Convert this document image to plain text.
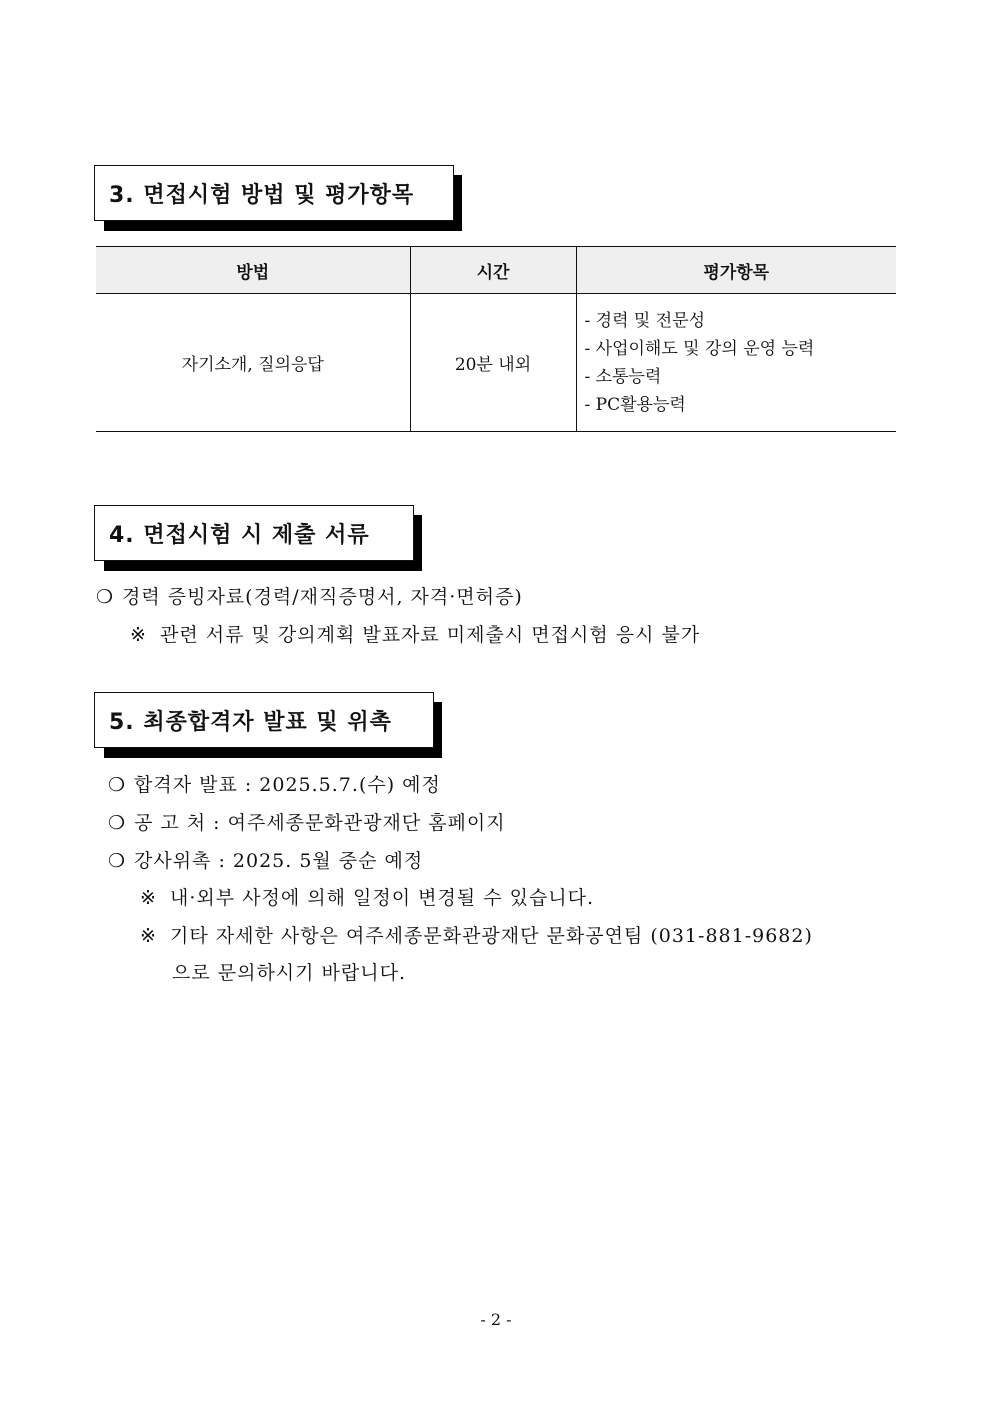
3. 면접시험 방법 및 평가항목
방법	시간	평가항목
자기소개, 질의응답	20분 내외	- 경력 및 전문성
- 사업이해도 및 강의 운영 능력
- 소통능력
- PC활용능력
4. 면접시험 시 제출 서류
❍ 경력 증빙자료(경력/재직증명서, 자격·면허증)
※ 관련 서류 및 강의계획 발표자료 미제출시 면접시험 응시 불가
5. 최종합격자 발표 및 위촉
❍ 합격자 발표 : 2025.5.7.(수) 예정
❍ 공 고 처 : 여주세종문화관광재단 홈페이지
❍ 강사위촉 : 2025. 5월 중순 예정
※ 내·외부 사정에 의해 일정이 변경될 수 있습니다.
※ 기타 자세한 사항은 여주세종문화관광재단 문화공연팀 (031-881-9682)
으로 문의하시기 바랍니다.
- 2 -
